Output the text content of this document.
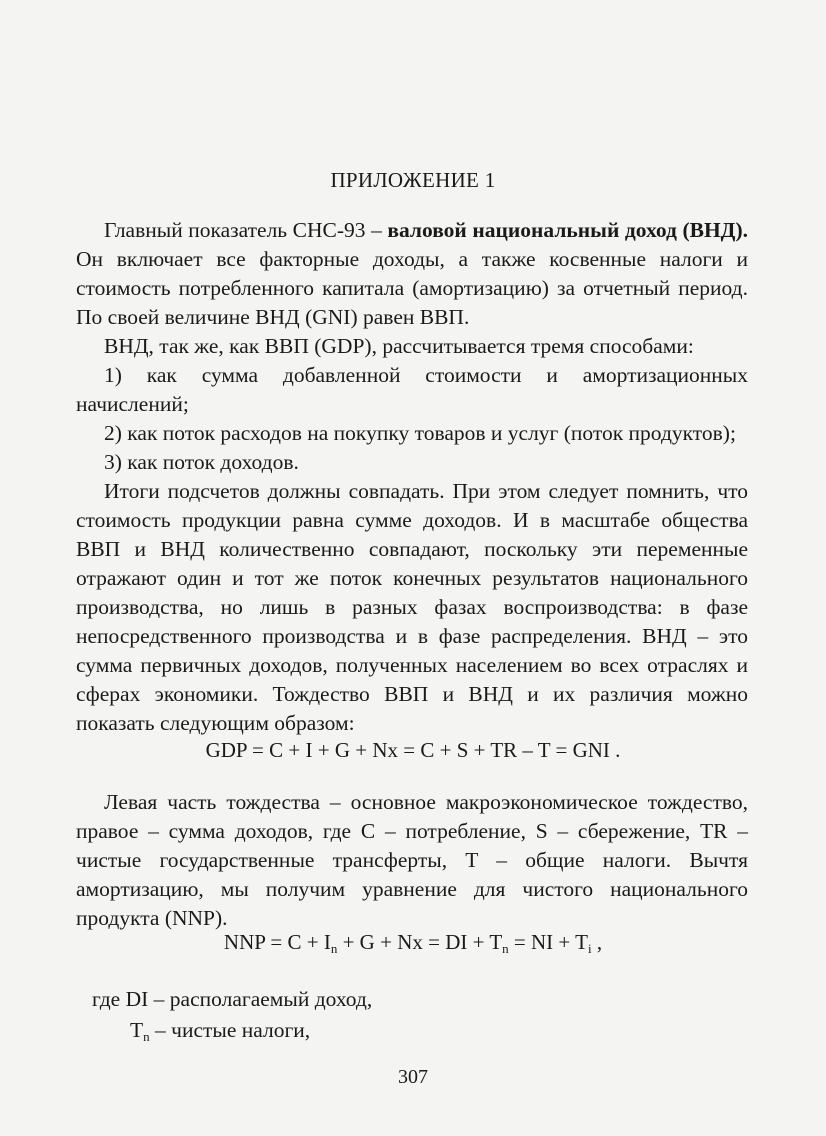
ПРИЛОЖЕНИЕ 1

Главный показатель СНС-93 – валовой национальный доход (ВНД). Он включает все факторные доходы, а также косвенные налоги и стоимость потребленного капитала (амортизацию) за отчетный период. По своей величине ВНД (GNI) равен ВВП.

ВНД, так же, как ВВП (GDP), рассчитывается тремя способами:

1) как сумма добавленной стоимости и амортизационных начислений;

2) как поток расходов на покупку товаров и услуг (поток продуктов);

3) как поток доходов.

Итоги подсчетов должны совпадать. При этом следует помнить, что стоимость продукции равна сумме доходов. И в масштабе общества ВВП и ВНД количественно совпадают, поскольку эти переменные отражают один и тот же поток конечных результатов национального производства, но лишь в разных фазах воспроизводства: в фазе непосредственного производства и в фазе распределения. ВНД – это сумма первичных доходов, полученных населением во всех отраслях и сферах экономики. Тождество ВВП и ВНД и их различия можно показать следующим образом:

GDP = C + I + G + Nx = C + S + TR – T = GNI .

Левая часть тождества – основное макроэкономическое тождество, правое – сумма доходов, где C – потребление, S – сбережение, TR – чистые государственные трансферты, T – общие налоги. Вычтя амортизацию, мы получим уравнение для чистого национального продукта (NNP).

NNP = $C + I_n + G + Nx$ = DI + $T_n$ = NI + $T_i$ ,
где DI – располагаемый доход,
$T_n$ – чистые налоги,
307
